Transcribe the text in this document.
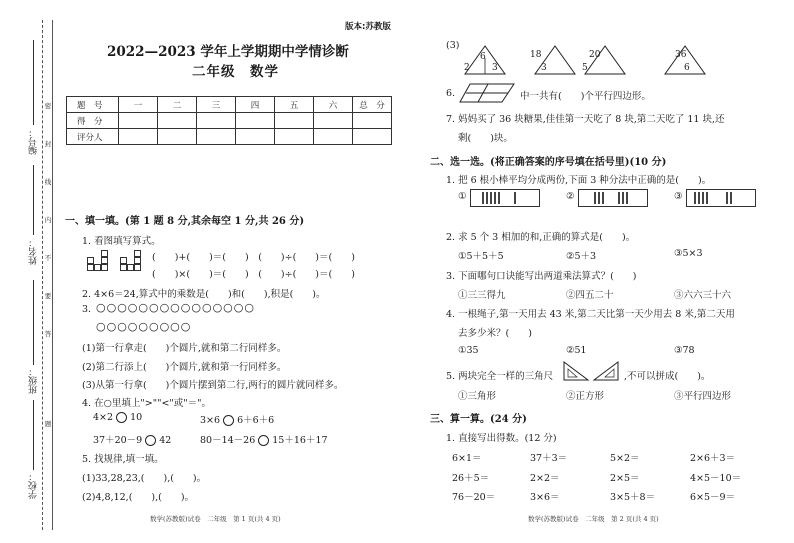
编号：
姓名：
班级：
学校：
密
封
线
内
不
要
答
题
版本:苏教版
2022—2023 学年上学期期中学情诊断
二年级　数学
题　号	一	二	三	四	五	六	总　分
得　分							
评分人							
一、填一填。(第 1 题 8 分,其余每空 1 分,共 26 分)
1. 看图填写算式。
(　　)+(　　)＝(　　)　(　　)÷(　　)＝(　　)
(　　)×(　　)＝(　　)　(　　)÷(　　)＝(　　)
2. 4×6＝24,算式中的乘数是(　　)和(　　),积是(　　)。
3. ○○○○○○○○○○○○○○○
○○○○○○○○○
(1)第一行拿走(　　)个圆片,就和第二行同样多。
(2)第二行添上(　　)个圆片,就和第一行同样多。
(3)从第一行拿(　　)个圆片摆到第二行,两行的圆片就同样多。
4. 在○里填上">""<"或"＝"。
4×2 10	3×6 6＋6＋6
37＋20－9 42	80－14－26 15＋16＋17
5. 找规律,填一填。
(1)33,28,23,(　　),(　　)。
(2)4,8,12,(　　),(　　)。
数学(苏教版)试卷　二年级　第 1 页(共 4 页)
(3)
6
2 3
18
3
20
5
36
6
6.	中一共有(　　)个平行四边形。
7. 妈妈买了 36 块糖果,佳佳第一天吃了 8 块,第二天吃了 11 块,还
剩(　　)块。
二、选一选。(将正确答案的序号填在括号里)(10 分)
1. 把 6 根小棒平均分成两份,下面 3 种分法中正确的是(　　)。
①	②	③
2. 求 5 个 3 相加的和,正确的算式是(　　)。
①5＋5＋5	②5＋3	③5×3
3. 下面哪句口诀能写出两道乘法算式？(　　)
①三三得九	②四五二十	③六六三十六
4. 一根绳子,第一天用去 43 米,第二天比第一天少用去 8 米,第二天用
去多少米？(　　)
①35	②51	③78
5. 两块完全一样的三角尺	,不可以拼成(　　)。
①三角形	②正方形	③平行四边形
三、算一算。(24 分)
1. 直接写出得数。(12 分)
6×1＝	37＋3＝	5×2＝	2×6＋3＝
26＋5＝	2×2＝	2×5＝	4×5－10＝
76－20＝	3×6＝	3×5＋8＝	6×5－9＝
数学(苏教版)试卷　二年级　第 2 页(共 4 页)
